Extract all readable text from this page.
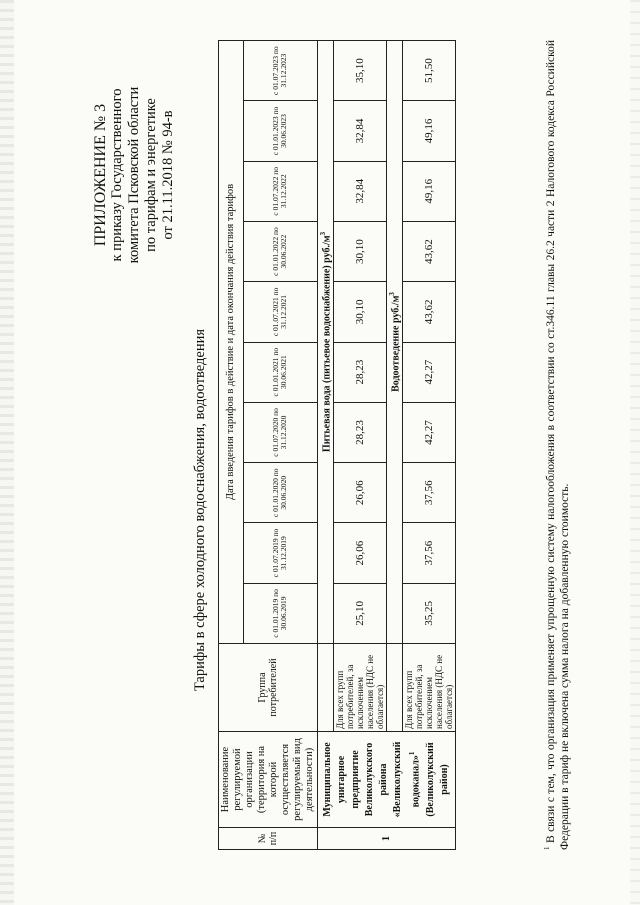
ПРИЛОЖЕНИЕ № 3 к приказу Государственного комитета Псковской области по тарифам и энергетике от 21.11.2018 № 94-в
Тарифы в сфере холодного водоснабжения, водоотведения
№ п/п	Наименование регулируемой организации (территория на которой осуществляется регулируемый вид деятельности)	Группа потребителей	Дата введения тарифов в действие и дата окончания действия тарифов									
			с 01.01.2019 по 30.06.2019	с 01.07.2019 по 31.12.2019	с 01.01.2020 по 30.06.2020	с 01.07.2020 по 31.12.2020	с 01.01.2021 по 30.06.2021	с 01.07.2021 по 31.12.2021	с 01.01.2022 по 30.06.2022	с 01.07.2022 по 31.12.2022	с 01.01.2023 по 30.06.2023	с 01.07.2023 по 31.12.2023
1	Муниципальное унитарное предприятие Великолукского района «Великолукский водоканал»$^1$ (Великолукский район)		Питьевая вода (питьевое водоснабжение) $руб./м^3$
		Для всех групп потребителей, за исключением населения (НДС не облагается)	25,10	26,06	26,06	28,23	28,23	30,10	30,10	32,84	32,84	35,10
			Водоотведение $руб./м^3$
		Для всех групп потребителей, за исключением населения (НДС не облагается)	35,25	37,56	37,56	42,27	42,27	43,62	43,62	49,16	49,16	51,50
$^1$ В связи с тем, что организация применяет упрощенную систему налогообложения в соответствии со ст.346.11 главы 26.2 части 2 Налогового кодекса Российской Федерации в тариф не включена сумма налога на добавленную стоимость.
